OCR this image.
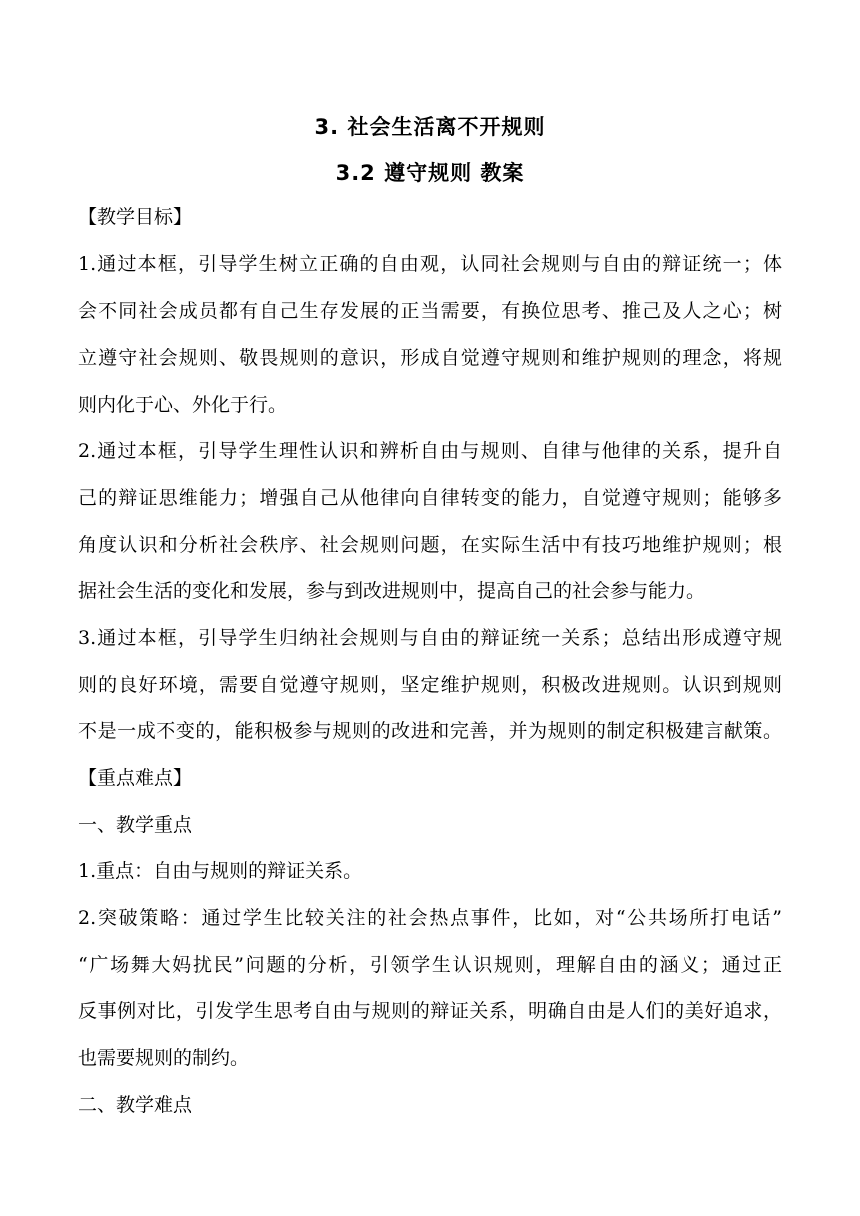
3. 社会生活离不开规则
3.2 遵守规则 教案
【教学目标】
1.通过本框，引导学生树立正确的自由观，认同社会规则与自由的辩证统一；体
会不同社会成员都有自己生存发展的正当需要，有换位思考、推己及人之心；树
立遵守社会规则、敬畏规则的意识，形成自觉遵守规则和维护规则的理念，将规
则内化于心、外化于行。
2.通过本框，引导学生理性认识和辨析自由与规则、自律与他律的关系，提升自
己的辩证思维能力；增强自己从他律向自律转变的能力，自觉遵守规则；能够多
角度认识和分析社会秩序、社会规则问题，在实际生活中有技巧地维护规则；根
据社会生活的变化和发展，参与到改进规则中，提高自己的社会参与能力。
3.通过本框，引导学生归纳社会规则与自由的辩证统一关系；总结出形成遵守规
则的良好环境，需要自觉遵守规则，坚定维护规则，积极改进规则。认识到规则
不是一成不变的，能积极参与规则的改进和完善，并为规则的制定积极建言献策。
【重点难点】
一、教学重点
1.重点：自由与规则的辩证关系。
2.突破策略：通过学生比较关注的社会热点事件，比如，对“公共场所打电话”
“广场舞大妈扰民”问题的分析，引领学生认识规则，理解自由的涵义；通过正
反事例对比，引发学生思考自由与规则的辩证关系，明确自由是人们的美好追求，
也需要规则的制约。
二、教学难点
